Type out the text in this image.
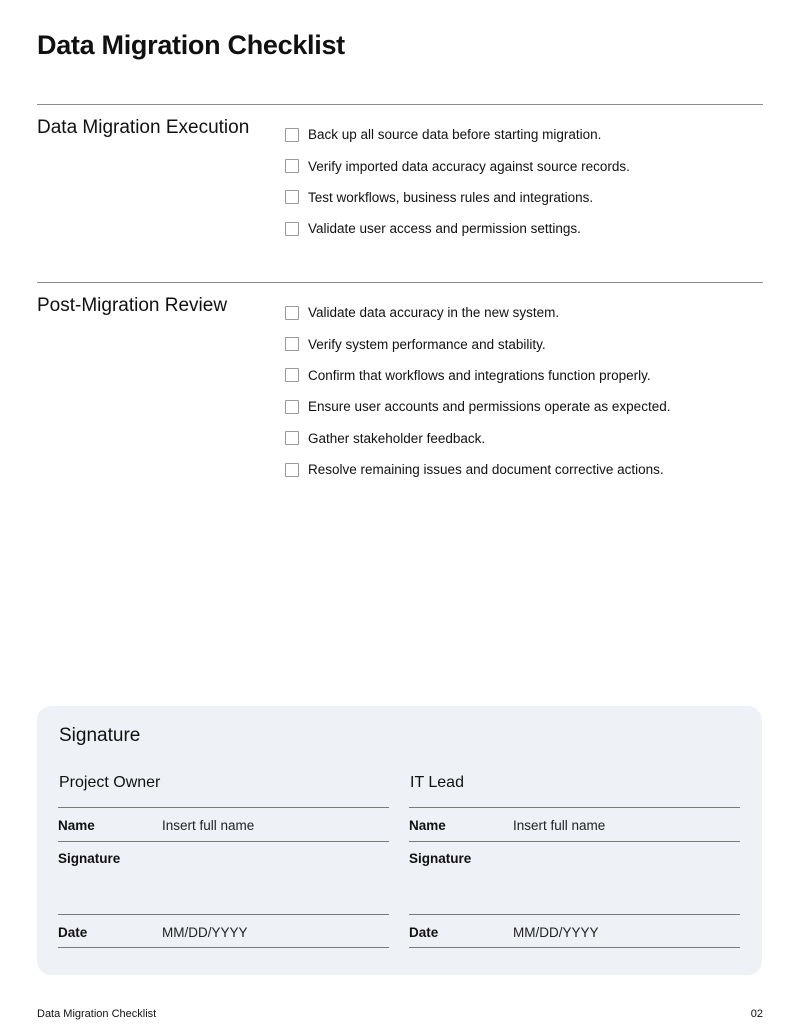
Data Migration Checklist
Data Migration Execution	Back up all source data before starting migration.
Verify imported data accuracy against source records.
Test workflows, business rules and integrations.
Validate user access and permission settings.
Post-Migration Review	Validate data accuracy in the new system.
Verify system performance and stability.
Confirm that workflows and integrations function properly.
Ensure user accounts and permissions operate as expected.
Gather stakeholder feedback.
Resolve remaining issues and document corrective actions.
Signature
Project Owner
Name	Insert full name
Signature
Date	MM/DD/YYYY
IT Lead
Name	Insert full name
Signature
Date	MM/DD/YYYY
Data Migration Checklist	02
